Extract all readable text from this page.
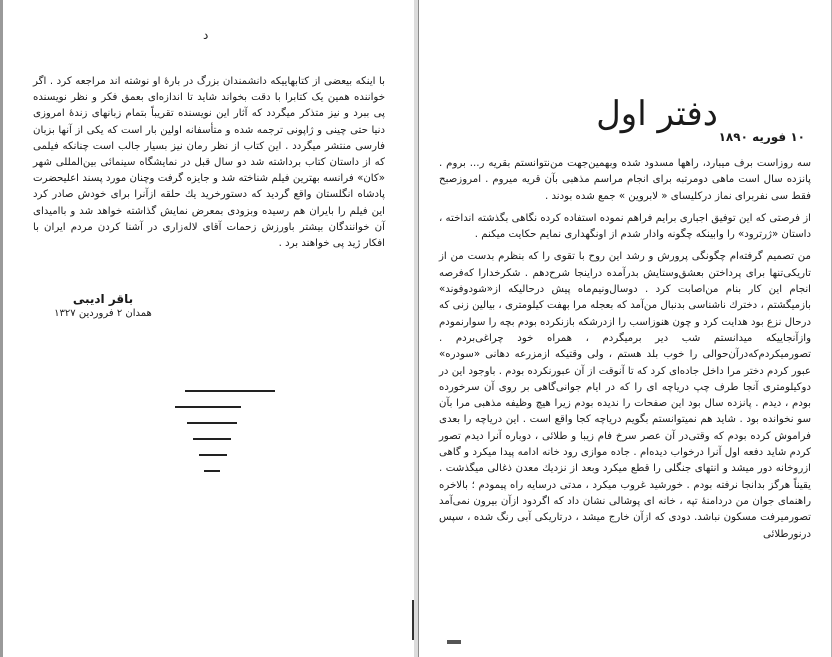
د

با اینکه بیعضی از کتابهاییکه دانشمندان بزرگ در بارهٔ او نوشته اند مراجعه کرد . اگر خواننده همین یک کتابرا با دقت بخواند شاید تا اندازه‌ای بعمق فکر و نظر نویسنده پی ببرد و نیز متذکر میگردد که آثار این نویسنده تقریباً بتمام زبانهای زندهٔ امروزی دنیا حتی چینی و ژاپونی ترجمه شده و متأسفانه اولین بار است که یکی از آنها بزبان فارسی منتشر میگردد . این کتاب از نظر رمان نیز بسیار جالب است چنانکه فیلمی که از داستان کتاب برداشته شد دو سال قبل در نمایشگاه سینمائی بین‌المللی شهر «کان» فرانسه بهترین فیلم شناخته شد و جایزه گرفت وچنان مورد پسند اعلیحضرت پادشاه انگلستان واقع گردید که دستورخرید یك حلقه ازآنرا برای خودش صادر کرد این فیلم را بایران هم رسیده وبزودی بمعرض نمایش گذاشته خواهد شد و باامیدای آن خوانندگان بیشتر باورزش زحمات آقای لاله‌زاری در آشنا کردن مردم ایران با افکار ژید پی خواهند برد .

باقر ادیبی
همدان ۲ فروردین ۱۳۲۷
دفتر اول
۱۰ فوریه ۱۸۹۰

سه روزاست برف میبارد، راهها مسدود شده وبهمین‌جهت من‌نتوانستم بقریه ر... بروم . پانزده سال است ماهی دومرتبه برای انجام مراسم مذهبی بآن قریه میروم . امروزصبح فقط سی نفربرای نماز درکلیسای « لابروین » جمع شده بودند .

از فرصتی که این توفیق اجباری برایم فراهم نموده استفاده کرده نگاهی بگذشته انداخته ، داستان «ژرترود» را وابینکه چگونه وادار شدم از اونگهداری نمایم حکایت میکنم .

من تصمیم گرفته‌ام چگونگی پرورش و رشد این روح با تقوی را که بنظرم بدست من از تاریکی‌تنها برای پرداختن بعشق‌وستایش بدرآمده دراینجا شرح‌دهم . شکرخدارا که‌فرصه انجام این کار بنام من‌اصابت کرد . دوسال‌ونیم‌ماه پیش درحالیکه از«شودوفوند» بازمیگشتم ، دخترك ناشناسی بدنبال من‌آمد که بعجله مرا بهفت کیلومتری ، بیالین زنی که درحال نزع بود هدایت کرد و چون هنوزاسب را ازدرشکه بازنکرده بودم بچه را سوارنمودم وازآنجاییکه میدانستم شب دیر برمیگردم ، همراه خود چراغی‌بردم . تصورمیکردم‌که‌درآن‌حوالی را خوب بلد هستم ، ولی وقتیکه ازمزرعه دهانی «سودره» عبور کردم دختر مرا داخل جاده‌ای کرد که تا آنوقت از آن عبورنکرده بودم . باوجود این در دوکیلومتری آنجا طرف چپ دریاچه ای را که در ایام جوانی‌گاهی بر روی آن سرخورده بودم ، دیدم . پانزده سال بود این صفحات را ندیده بودم زیرا هیچ وظیفه مذهبی مرا بآن سو نخوانده بود . شاید هم نمیتوانستم بگویم دریاچه کجا واقع است . این دریاچه را بعدی فراموش کرده بودم که وقتی‌در آن عصر سرخ فام زیبا و طلائی ، دوباره آنرا دیدم تصور کردم شاید دفعه اول آنرا درخواب دیده‌ام . جاده موازی رود خانه ادامه پیدا میکرد و گاهی ازروخانه دور میشد و انتهای جنگلی را قطع میکرد وبعد از نزدیك معدن ذغالی میگذشت . یقیناً هرگز بدانجا نرفته بودم . خورشید غروب میکرد ، مدتی درسایه راه پیمودم ؛ بالاخره راهنمای جوان من دردامنهٔ تپه ، خانه ای پوشالی نشان داد که اگردود ازآن بیرون نمی‌آمد تصورمیرفت مسکون نباشد. دودی که ازآن خارج میشد ، درتاریکی آبی رنگ شده ، سپس درنورطلائی
